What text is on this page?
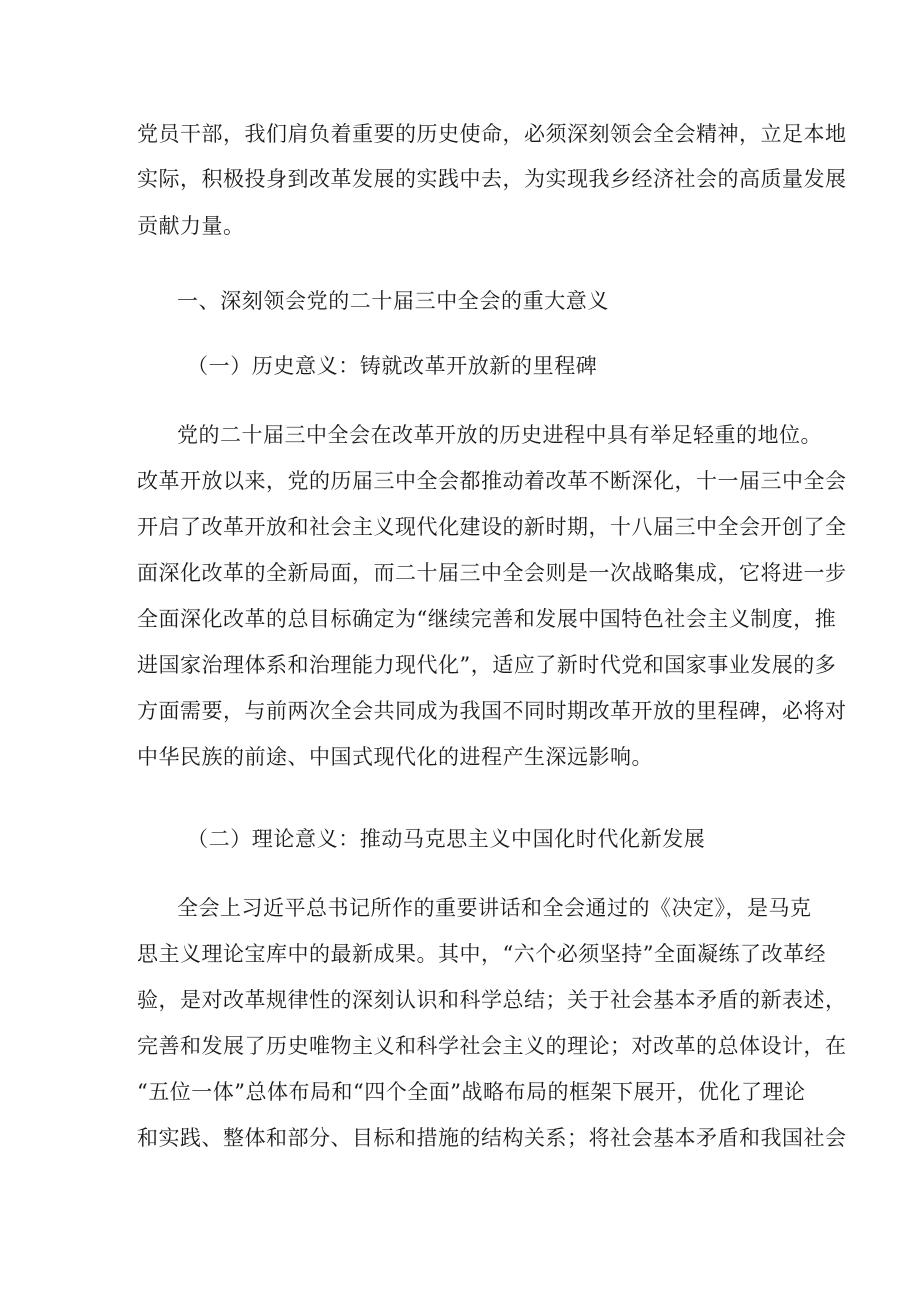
党员干部，我们肩负着重要的历史使命，必须深刻领会全会精神，立足本地
实际，积极投身到改革发展的实践中去，为实现我乡经济社会的高质量发展
贡献力量。
一、深刻领会党的二十届三中全会的重大意义
（一）历史意义：铸就改革开放新的里程碑
党的二十届三中全会在改革开放的历史进程中具有举足轻重的地位。
改革开放以来，党的历届三中全会都推动着改革不断深化，十一届三中全会
开启了改革开放和社会主义现代化建设的新时期，十八届三中全会开创了全
面深化改革的全新局面，而二十届三中全会则是一次战略集成，它将进一步
全面深化改革的总目标确定为“继续完善和发展中国特色社会主义制度，推
进国家治理体系和治理能力现代化”，适应了新时代党和国家事业发展的多
方面需要，与前两次全会共同成为我国不同时期改革开放的里程碑，必将对
中华民族的前途、中国式现代化的进程产生深远影响。
（二）理论意义：推动马克思主义中国化时代化新发展
全会上习近平总书记所作的重要讲话和全会通过的《决定》，是马克
思主义理论宝库中的最新成果。其中，“六个必须坚持”全面凝练了改革经
验，是对改革规律性的深刻认识和科学总结；关于社会基本矛盾的新表述，
完善和发展了历史唯物主义和科学社会主义的理论；对改革的总体设计，在
“五位一体”总体布局和“四个全面”战略布局的框架下展开，优化了理论
和实践、整体和部分、目标和措施的结构关系；将社会基本矛盾和我国社会
